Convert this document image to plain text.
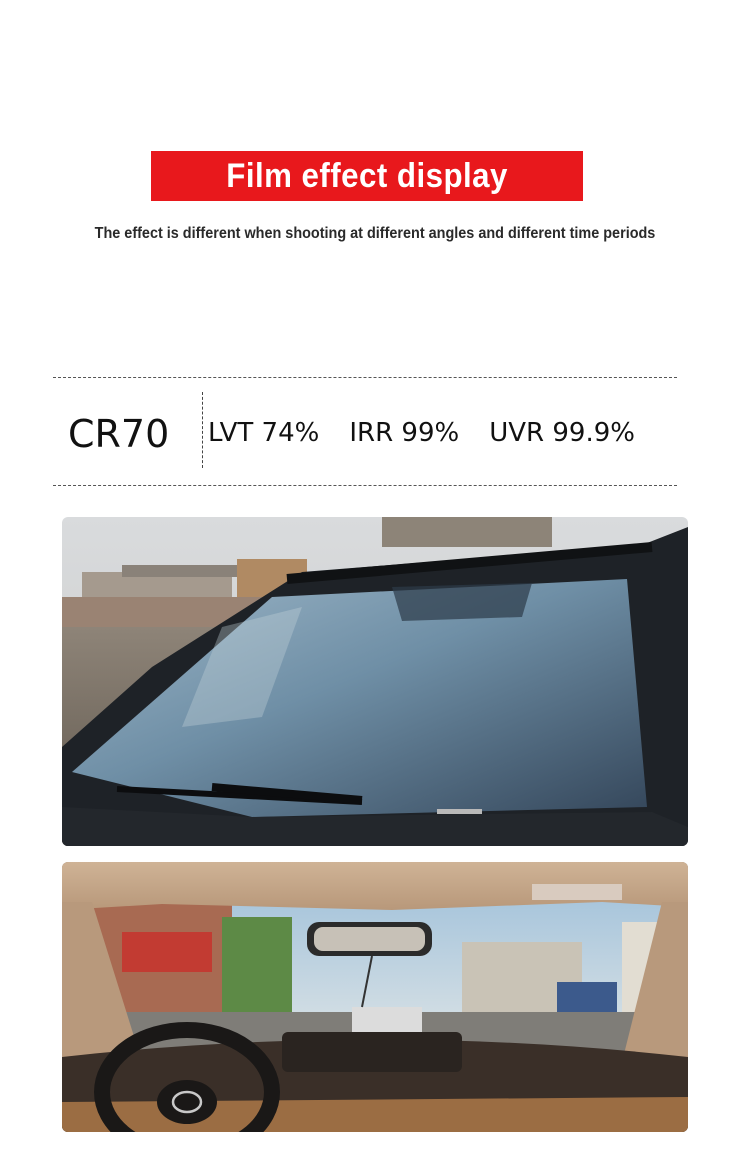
Film effect display
The effect is different when shooting at different angles and different time periods
CR70 LVT 74% IRR 99% UVR 99.9%
